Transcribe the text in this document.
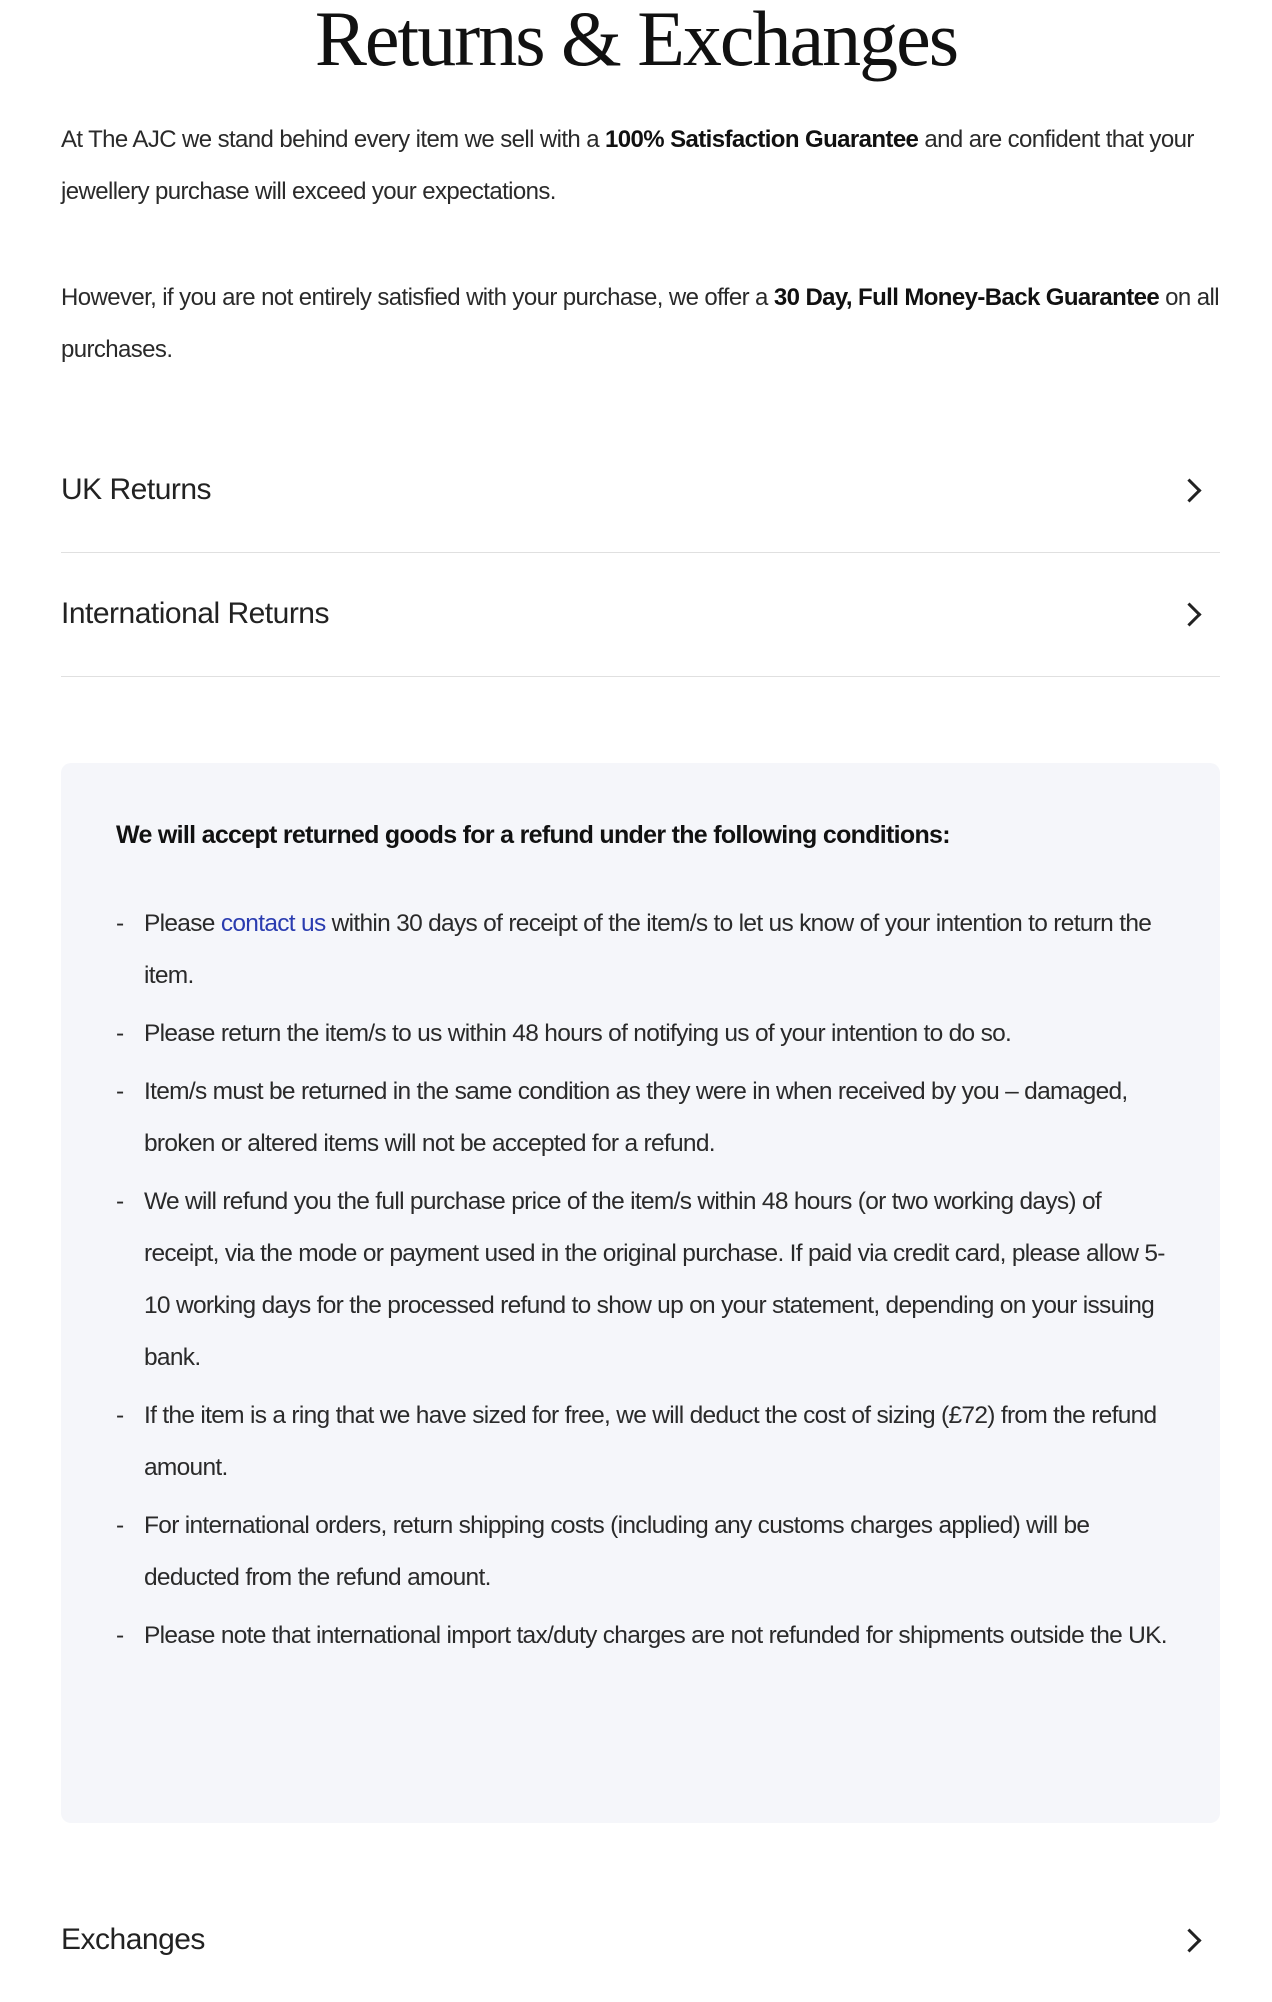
Returns & Exchanges

At The AJC we stand behind every item we sell with a 100% Satisfaction Guarantee and are confident that your jewellery purchase will exceed your expectations.

However, if you are not entirely satisfied with your purchase, we offer a 30 Day, Full Money-Back Guarantee on all purchases.

UK Returns
International Returns
We will accept returned goods for a refund under the following conditions:
- Please contact us within 30 days of receipt of the item/s to let us know of your intention to return the item.
- Please return the item/s to us within 48 hours of notifying us of your intention to do so.
- Item/s must be returned in the same condition as they were in when received by you – damaged, broken or altered items will not be accepted for a refund.
- We will refund you the full purchase price of the item/s within 48 hours (or two working days) of receipt, via the mode or payment used in the original purchase. If paid via credit card, please allow 5-10 working days for the processed refund to show up on your statement, depending on your issuing bank.
- If the item is a ring that we have sized for free, we will deduct the cost of sizing (£72) from the refund amount.
- For international orders, return shipping costs (including any customs charges applied) will be deducted from the refund amount.
- Please note that international import tax/duty charges are not refunded for shipments outside the UK.
Exchanges
